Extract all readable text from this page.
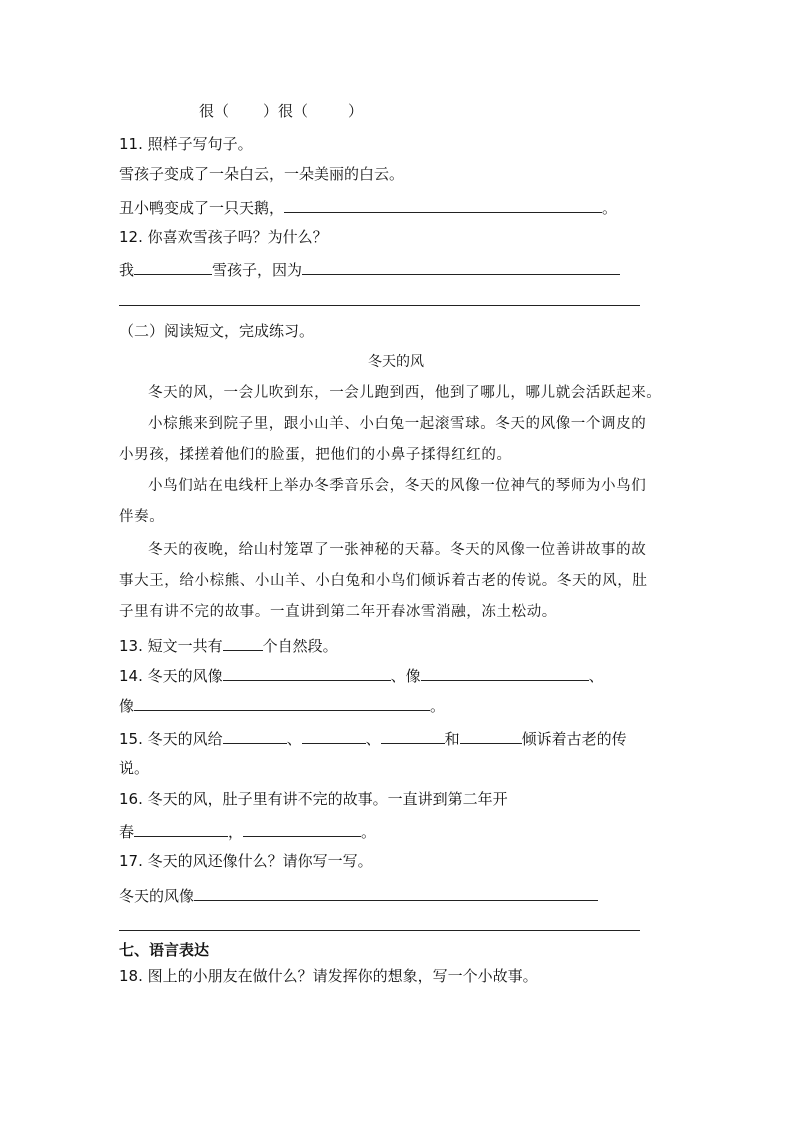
很（ ）很（	）
11. 照样子写句子。
雪孩子变成了一朵白云，一朵美丽的白云。
丑小鸭变成了一只天鹅，	。
12. 你喜欢雪孩子吗？为什么？
我	雪孩子，因为
（二）阅读短文，完成练习。
冬天的风
冬天的风，一会儿吹到东，一会儿跑到西，他到了哪儿，哪儿就会活跃起来。
小棕熊来到院子里，跟小山羊、小白兔一起滚雪球。冬天的风像一个调皮的
小男孩，揉搓着他们的脸蛋，把他们的小鼻子揉得红红的。
小鸟们站在电线杆上举办冬季音乐会，冬天的风像一位神气的琴师为小鸟们
伴奏。
冬天的夜晚，给山村笼罩了一张神秘的天幕。冬天的风像一位善讲故事的故
事大王，给小棕熊、小山羊、小白兔和小鸟们倾诉着古老的传说。冬天的风，肚
子里有讲不完的故事。一直讲到第二年开春冰雪消融，冻土松动。
13. 短文一共有	个自然段。
14. 冬天的风像	、像	、
像	。
15. 冬天的风给	、	、	和	倾诉着古老的传
说。
16. 冬天的风，肚子里有讲不完的故事。一直讲到第二年开
春	，	。
17. 冬天的风还像什么？请你写一写。
冬天的风像
七、语言表达
18. 图上的小朋友在做什么？请发挥你的想象，写一个小故事。
